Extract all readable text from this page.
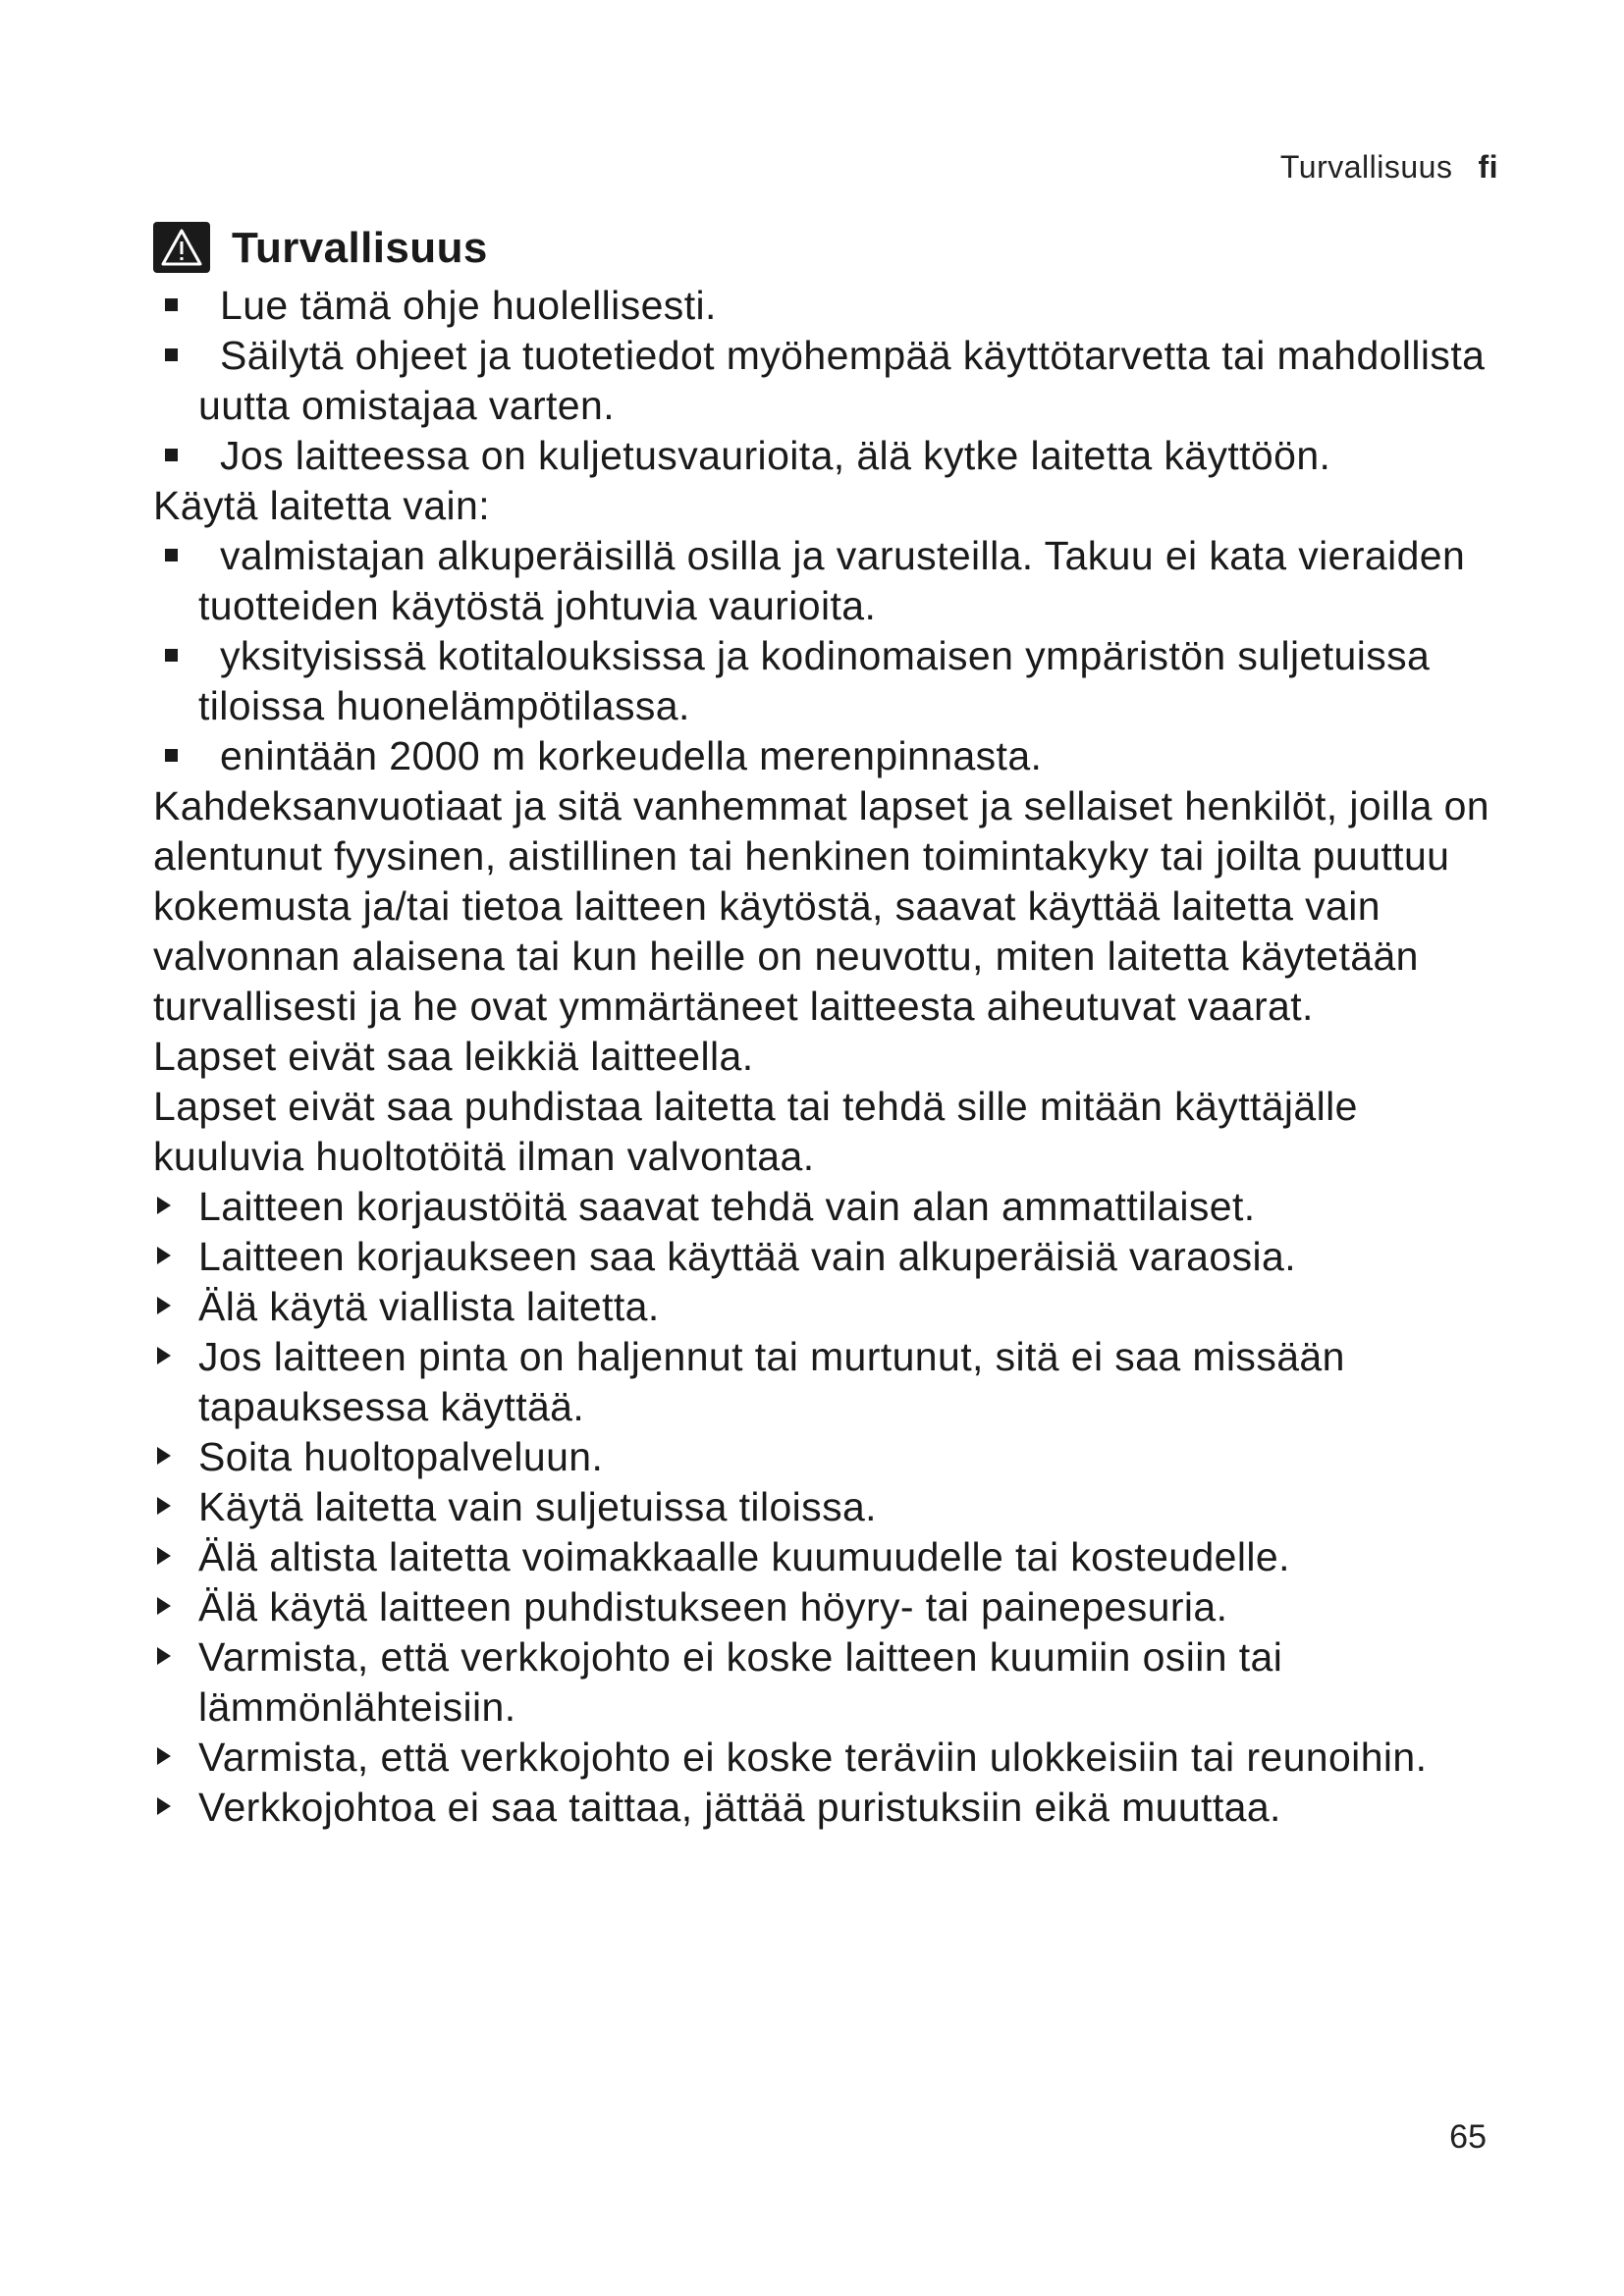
Turvallisuus fi
Turvallisuus
Lue tämä ohje huolellisesti.
Säilytä ohjeet ja tuotetiedot myöhempää käyttötarvetta tai mahdollista uutta omistajaa varten.
Jos laitteessa on kuljetusvaurioita, älä kytke laitetta käyttöön.

Käytä laitetta vain:

valmistajan alkuperäisillä osilla ja varusteilla. Takuu ei kata vieraiden tuotteiden käytöstä johtuvia vaurioita.
yksityisissä kotitalouksissa ja kodinomaisen ympäristön suljetuissa tiloissa huonelämpötilassa.
enintään 2000 m korkeudella merenpinnasta.

Kahdeksanvuotiaat ja sitä vanhemmat lapset ja sellaiset henkilöt, joilla on alentunut fyysinen, aistillinen tai henkinen toimintakyky tai joilta puuttuu kokemusta ja/tai tietoa laitteen käytöstä, saavat käyttää laitetta vain valvonnan alaisena tai kun heille on neuvottu, miten laitetta käytetään turvallisesti ja he ovat ymmärtäneet laitteesta aiheutuvat vaarat.

Lapset eivät saa leikkiä laitteella.

Lapset eivät saa puhdistaa laitetta tai tehdä sille mitään käyttäjälle kuuluvia huoltotöitä ilman valvontaa.

Laitteen korjaustöitä saavat tehdä vain alan ammattilaiset.
Laitteen korjaukseen saa käyttää vain alkuperäisiä varaosia.
Älä käytä viallista laitetta.
Jos laitteen pinta on haljennut tai murtunut, sitä ei saa missään tapauksessa käyttää.
Soita huoltopalveluun.
Käytä laitetta vain suljetuissa tiloissa.
Älä altista laitetta voimakkaalle kuumuudelle tai kosteudelle.
Älä käytä laitteen puhdistukseen höyry- tai painepesuria.
Varmista, että verkkojohto ei koske laitteen kuumiin osiin tai lämmönlähteisiin.
Varmista, että verkkojohto ei koske teräviin ulokkeisiin tai reunoihin.
Verkkojohtoa ei saa taittaa, jättää puristuksiin eikä muuttaa.
65
